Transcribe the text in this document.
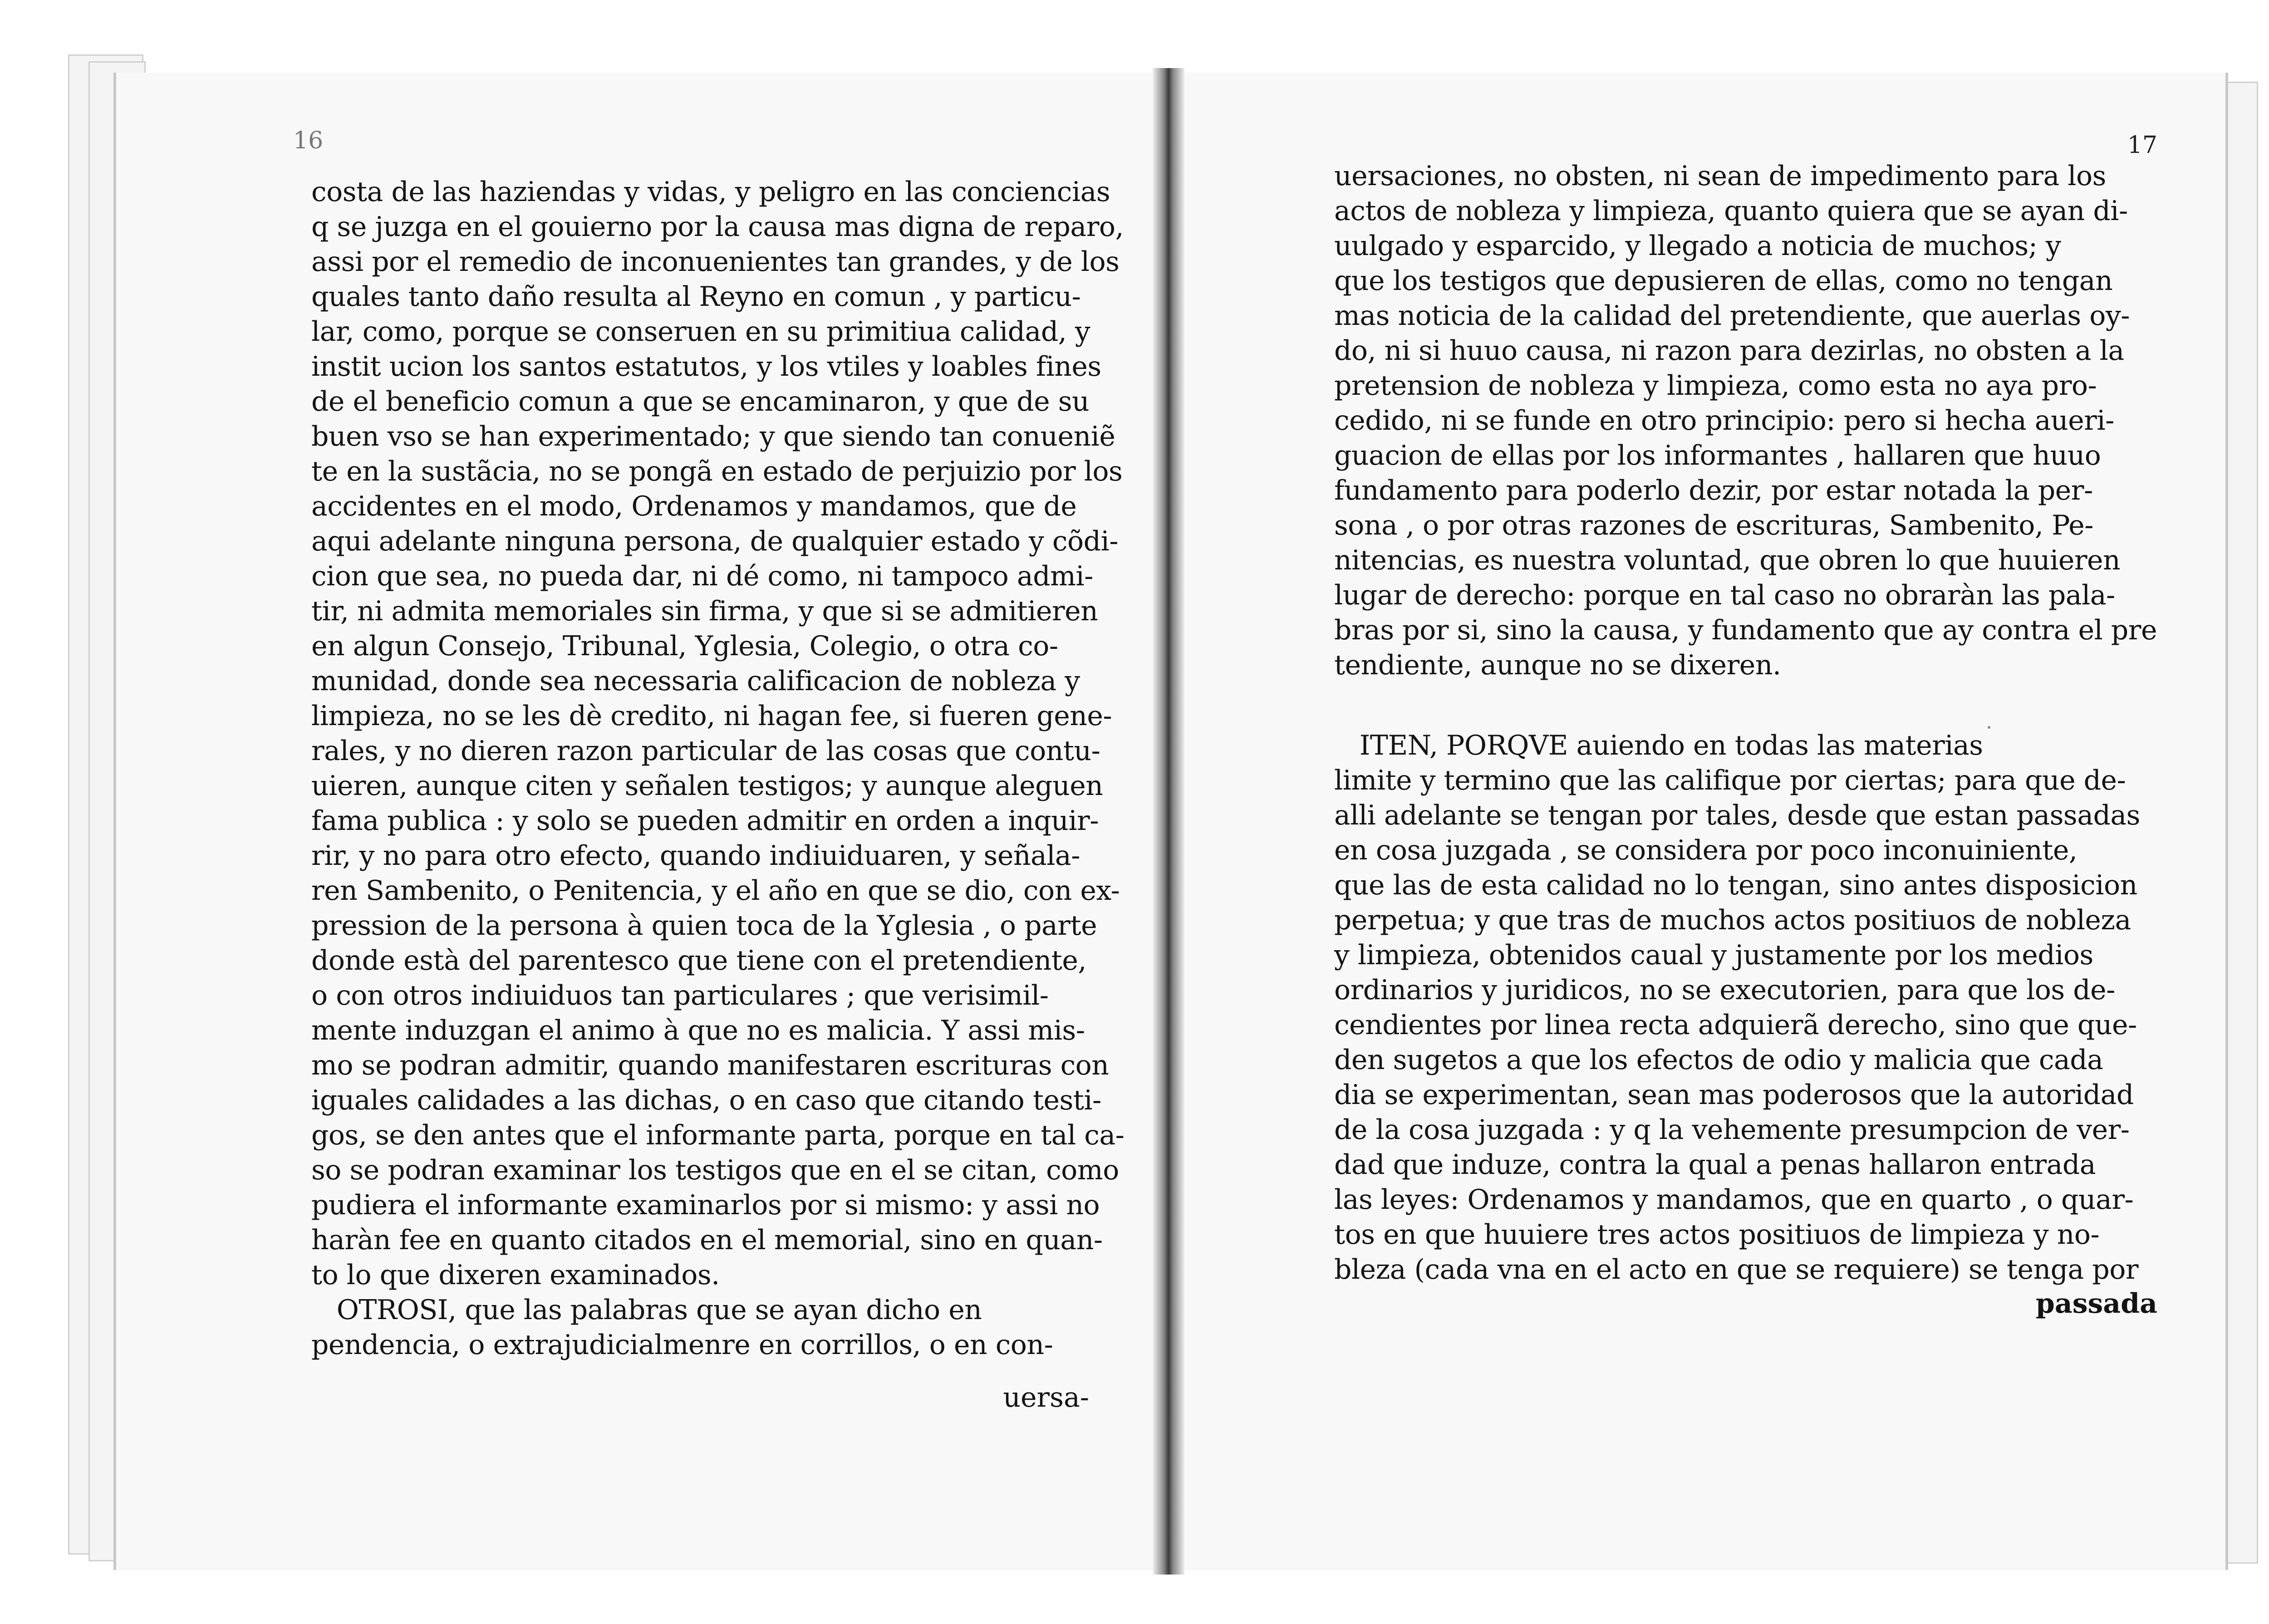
16
costa de las haziendas y vidas, y peligro en las conciencias
q se juzga en el gouierno por la causa mas digna de reparo,
assi por el remedio de inconuenientes tan grandes, y de los
quales tanto daño resulta al Reyno en comun , y particu-
lar, como, porque se conseruen en su primitiua calidad, y
instit ucion los santos estatutos, y los vtiles y loables fines
de el beneficio comun a que se encaminaron, y que de su
buen vso se han experimentado; y que siendo tan conueniẽ
te en la sustãcia, no se pongã en estado de perjuizio por los
accidentes en el modo, Ordenamos y mandamos, que de
aqui adelante ninguna persona, de qualquier estado y cõdi-
cion que sea, no pueda dar, ni dé como, ni tampoco admi-
tir, ni admita memoriales sin firma, y que si se admitieren
en algun Consejo, Tribunal, Yglesia, Colegio, o otra co-
munidad, donde sea necessaria calificacion de nobleza y
limpieza, no se les dè credito, ni hagan fee, si fueren gene-
rales, y no dieren razon particular de las cosas que contu-
uieren, aunque citen y señalen testigos; y aunque aleguen
fama publica : y solo se pueden admitir en orden a inquir-
rir, y no para otro efecto, quando indiuiduaren, y señala-
ren Sambenito, o Penitencia, y el año en que se dio, con ex-
pression de la persona à quien toca de la Yglesia , o parte
donde està del parentesco que tiene con el pretendiente,
o con otros indiuiduos tan particulares ; que verisimil-
mente induzgan el animo à que no es malicia. Y assi mis-
mo se podran admitir, quando manifestaren escrituras con
iguales calidades a las dichas, o en caso que citando testi-
gos, se den antes que el informante parta, porque en tal ca-
so se podran examinar los testigos que en el se citan, como
pudiera el informante examinarlos por si mismo: y assi no
haràn fee en quanto citados en el memorial, sino en quan-
to lo que dixeren examinados.
OTROSI, que las palabras que se ayan dicho en
pendencia, o extrajudicialmenre en corrillos, o en con-
uersa-
17
uersaciones, no obsten, ni sean de impedimento para los
actos de nobleza y limpieza, quanto quiera que se ayan di-
uulgado y esparcido, y llegado a noticia de muchos; y
que los testigos que depusieren de ellas, como no tengan
mas noticia de la calidad del pretendiente, que auerlas oy-
do, ni si huuo causa, ni razon para dezirlas, no obsten a la
pretension de nobleza y limpieza, como esta no aya pro-
cedido, ni se funde en otro principio: pero si hecha aueri-
guacion de ellas por los informantes , hallaren que huuo
fundamento para poderlo dezir, por estar notada la per-
sona , o por otras razones de escrituras, Sambenito, Pe-
nitencias, es nuestra voluntad, que obren lo que huuieren
lugar de derecho: porque en tal caso no obraràn las pala-
bras por si, sino la causa, y fundamento que ay contra el pre
tendiente, aunque no se dixeren.
ITEN, PORQVE auiendo en todas las materias
limite y termino que las califique por ciertas; para que de-
alli adelante se tengan por tales, desde que estan passadas
en cosa juzgada , se considera por poco inconuiniente,
que las de esta calidad no lo tengan, sino antes disposicion
perpetua; y que tras de muchos actos positiuos de nobleza
y limpieza, obtenidos caual y justamente por los medios
ordinarios y juridicos, no se executorien, para que los de-
cendientes por linea recta adquierã derecho, sino que que-
den sugetos a que los efectos de odio y malicia que cada
dia se experimentan, sean mas poderosos que la autoridad
de la cosa juzgada : y q la vehemente presumpcion de ver-
dad que induze, contra la qual a penas hallaron entrada
las leyes: Ordenamos y mandamos, que en quarto , o quar-
tos en que huuiere tres actos positiuos de limpieza y no-
bleza (cada vna en el acto en que se requiere) se tenga por
passada
